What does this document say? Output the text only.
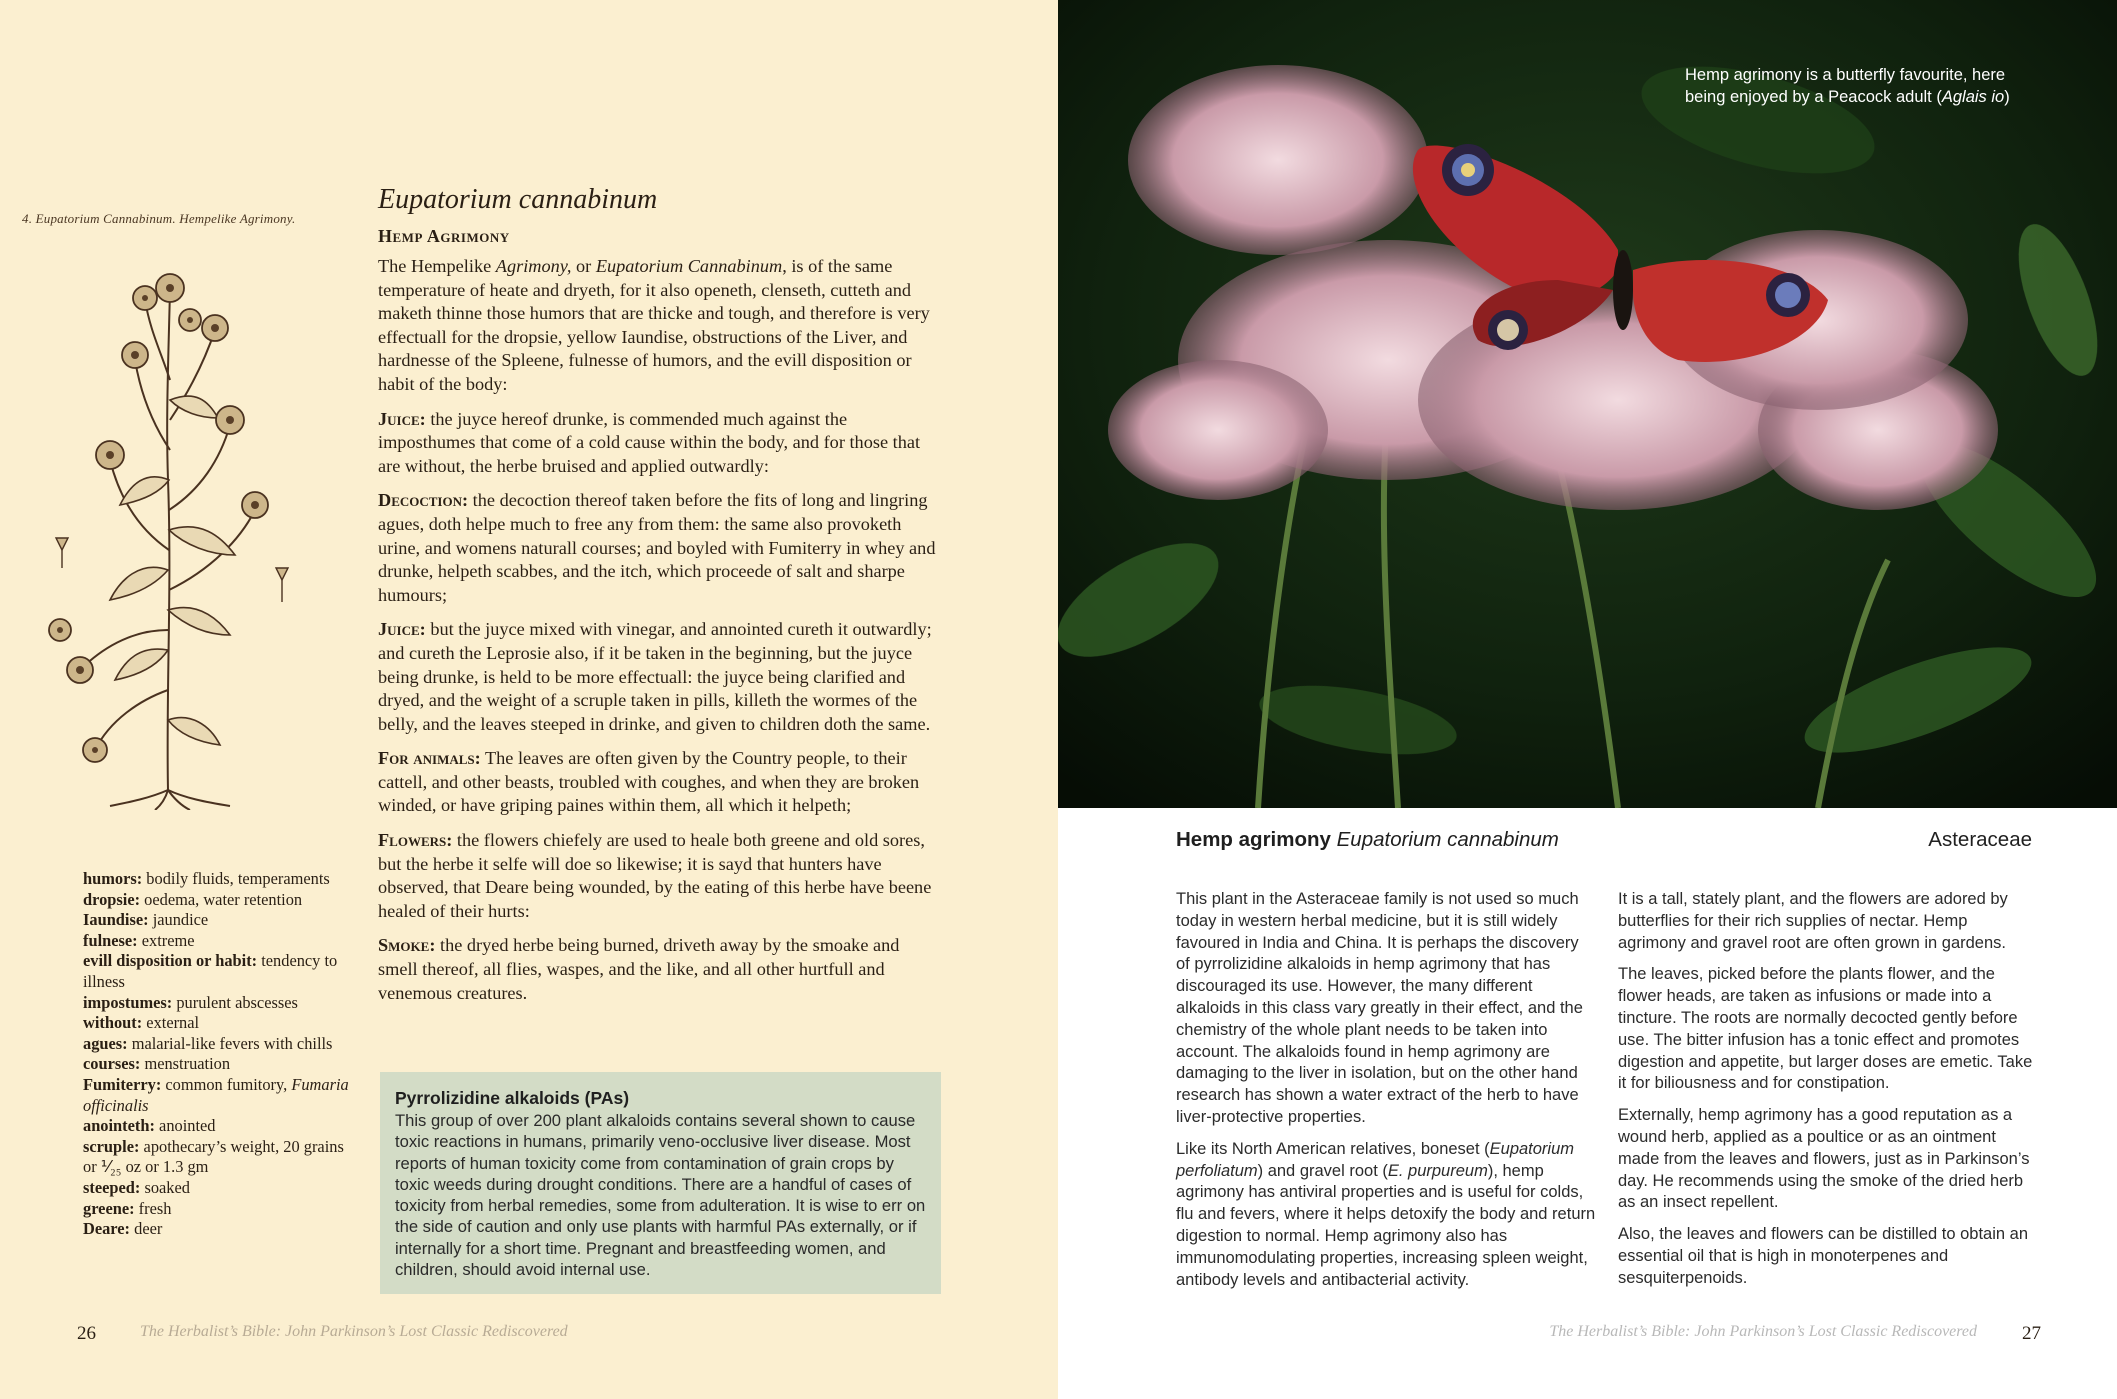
4. Eupatorium Cannabinum. Hempelike Agrimony.
Eupatorium cannabinum
Hemp Agrimony

The Hempelike Agrimony, or Eupatorium Cannabinum, is of the same temperature of heate and dryeth, for it also openeth, clenseth, cutteth and maketh thinne those humors that are thicke and tough, and therefore is very effectuall for the dropsie, yellow Iaundise, obstructions of the Liver, and hardnesse of the Spleene, fulnesse of humors, and the evill disposition or habit of the body:

Juice: the juyce hereof drunke, is commended much against the imposthumes that come of a cold cause within the body, and for those that are without, the herbe bruised and applied outwardly:

Decoction: the decoction thereof taken before the fits of long and lingring agues, doth helpe much to free any from them: the same also provoketh urine, and womens naturall courses; and boyled with Fumiterry in whey and drunke, helpeth scabbes, and the itch, which proceede of salt and sharpe humours;

Juice: but the juyce mixed with vinegar, and annointed cureth it outwardly; and cureth the Leprosie also, if it be taken in the beginning, but the juyce being drunke, is held to be more effectuall: the juyce being clarified and dryed, and the weight of a scruple taken in pills, killeth the wormes of the belly, and the leaves steeped in drinke, and given to children doth the same.

For animals: The leaves are often given by the Country people, to their cattell, and other beasts, troubled with coughes, and when they are broken winded, or have griping paines within them, all which it helpeth;

Flowers: the flowers chiefely are used to heale both greene and old sores, but the herbe it selfe will doe so likewise; it is sayd that hunters have observed, that Deare being wounded, by the eating of this herbe have beene healed of their hurts:

Smoke: the dryed herbe being burned, driveth away by the smoake and smell thereof, all flies, waspes, and the like, and all other hurtfull and venemous creatures.

Pyrrolizidine alkaloids (PAs)
This group of over 200 plant alkaloids contains several shown to cause toxic reactions in humans, primarily veno-occlusive liver disease. Most reports of human toxicity come from contamination of grain crops by toxic weeds during drought conditions. There are a handful of cases of toxicity from herbal remedies, some from adulteration. It is wise to err on the side of caution and only use plants with harmful PAs externally, or if internally for a short time. Pregnant and breastfeeding women, and children, should avoid internal use.
humors: bodily fluids, temperaments
dropsie: oedema, water retention
Iaundise: jaundice
fulnese: extreme
evill disposition or habit: tendency to illness
impostumes: purulent abscesses
without: external
agues: malarial-like fevers with chills
courses: menstruation
Fumiterry: common fumitory, Fumaria officinalis
anointeth: anointed
scruple: apothecary’s weight, 20 grains or ⅟₂₅ oz or 1.3 gm
steeped: soaked
greene: fresh
Deare: deer
26	The Herbalist’s Bible: John Parkinson’s Lost Classic Rediscovered
Hemp agrimony is a butterfly favourite, here being enjoyed by a Peacock adult (Aglais io)
Hemp agrimony Eupatorium cannabinum	Asteraceae

This plant in the Asteraceae family is not used so much today in western herbal medicine, but it is still widely favoured in India and China. It is perhaps the discovery of pyrrolizidine alkaloids in hemp agrimony that has discouraged its use. However, the many different alkaloids in this class vary greatly in their effect, and the chemistry of the whole plant needs to be taken into account. The alkaloids found in hemp agrimony are damaging to the liver in isolation, but on the other hand research has shown a water extract of the herb to have liver-protective properties.

Like its North American relatives, boneset (Eupatorium perfoliatum) and gravel root (E. purpureum), hemp agrimony has antiviral properties and is useful for colds, flu and fevers, where it helps detoxify the body and return digestion to normal. Hemp agrimony also has immunomodulating properties, increasing spleen weight, antibody levels and antibacterial activity.

It is a tall, stately plant, and the flowers are adored by butterflies for their rich supplies of nectar. Hemp agrimony and gravel root are often grown in gardens.

The leaves, picked before the plants flower, and the flower heads, are taken as infusions or made into a tincture. The roots are normally decocted gently before use. The bitter infusion has a tonic effect and promotes digestion and appetite, but larger doses are emetic. Take it for biliousness and for constipation.

Externally, hemp agrimony has a good reputation as a wound herb, applied as a poultice or as an ointment made from the leaves and flowers, just as in Parkinson’s day. He recommends using the smoke of the dried herb as an insect repellent.

Also, the leaves and flowers can be distilled to obtain an essential oil that is high in monoterpenes and sesquiterpenoids.

The Herbalist’s Bible: John Parkinson’s Lost Classic Rediscovered 27
